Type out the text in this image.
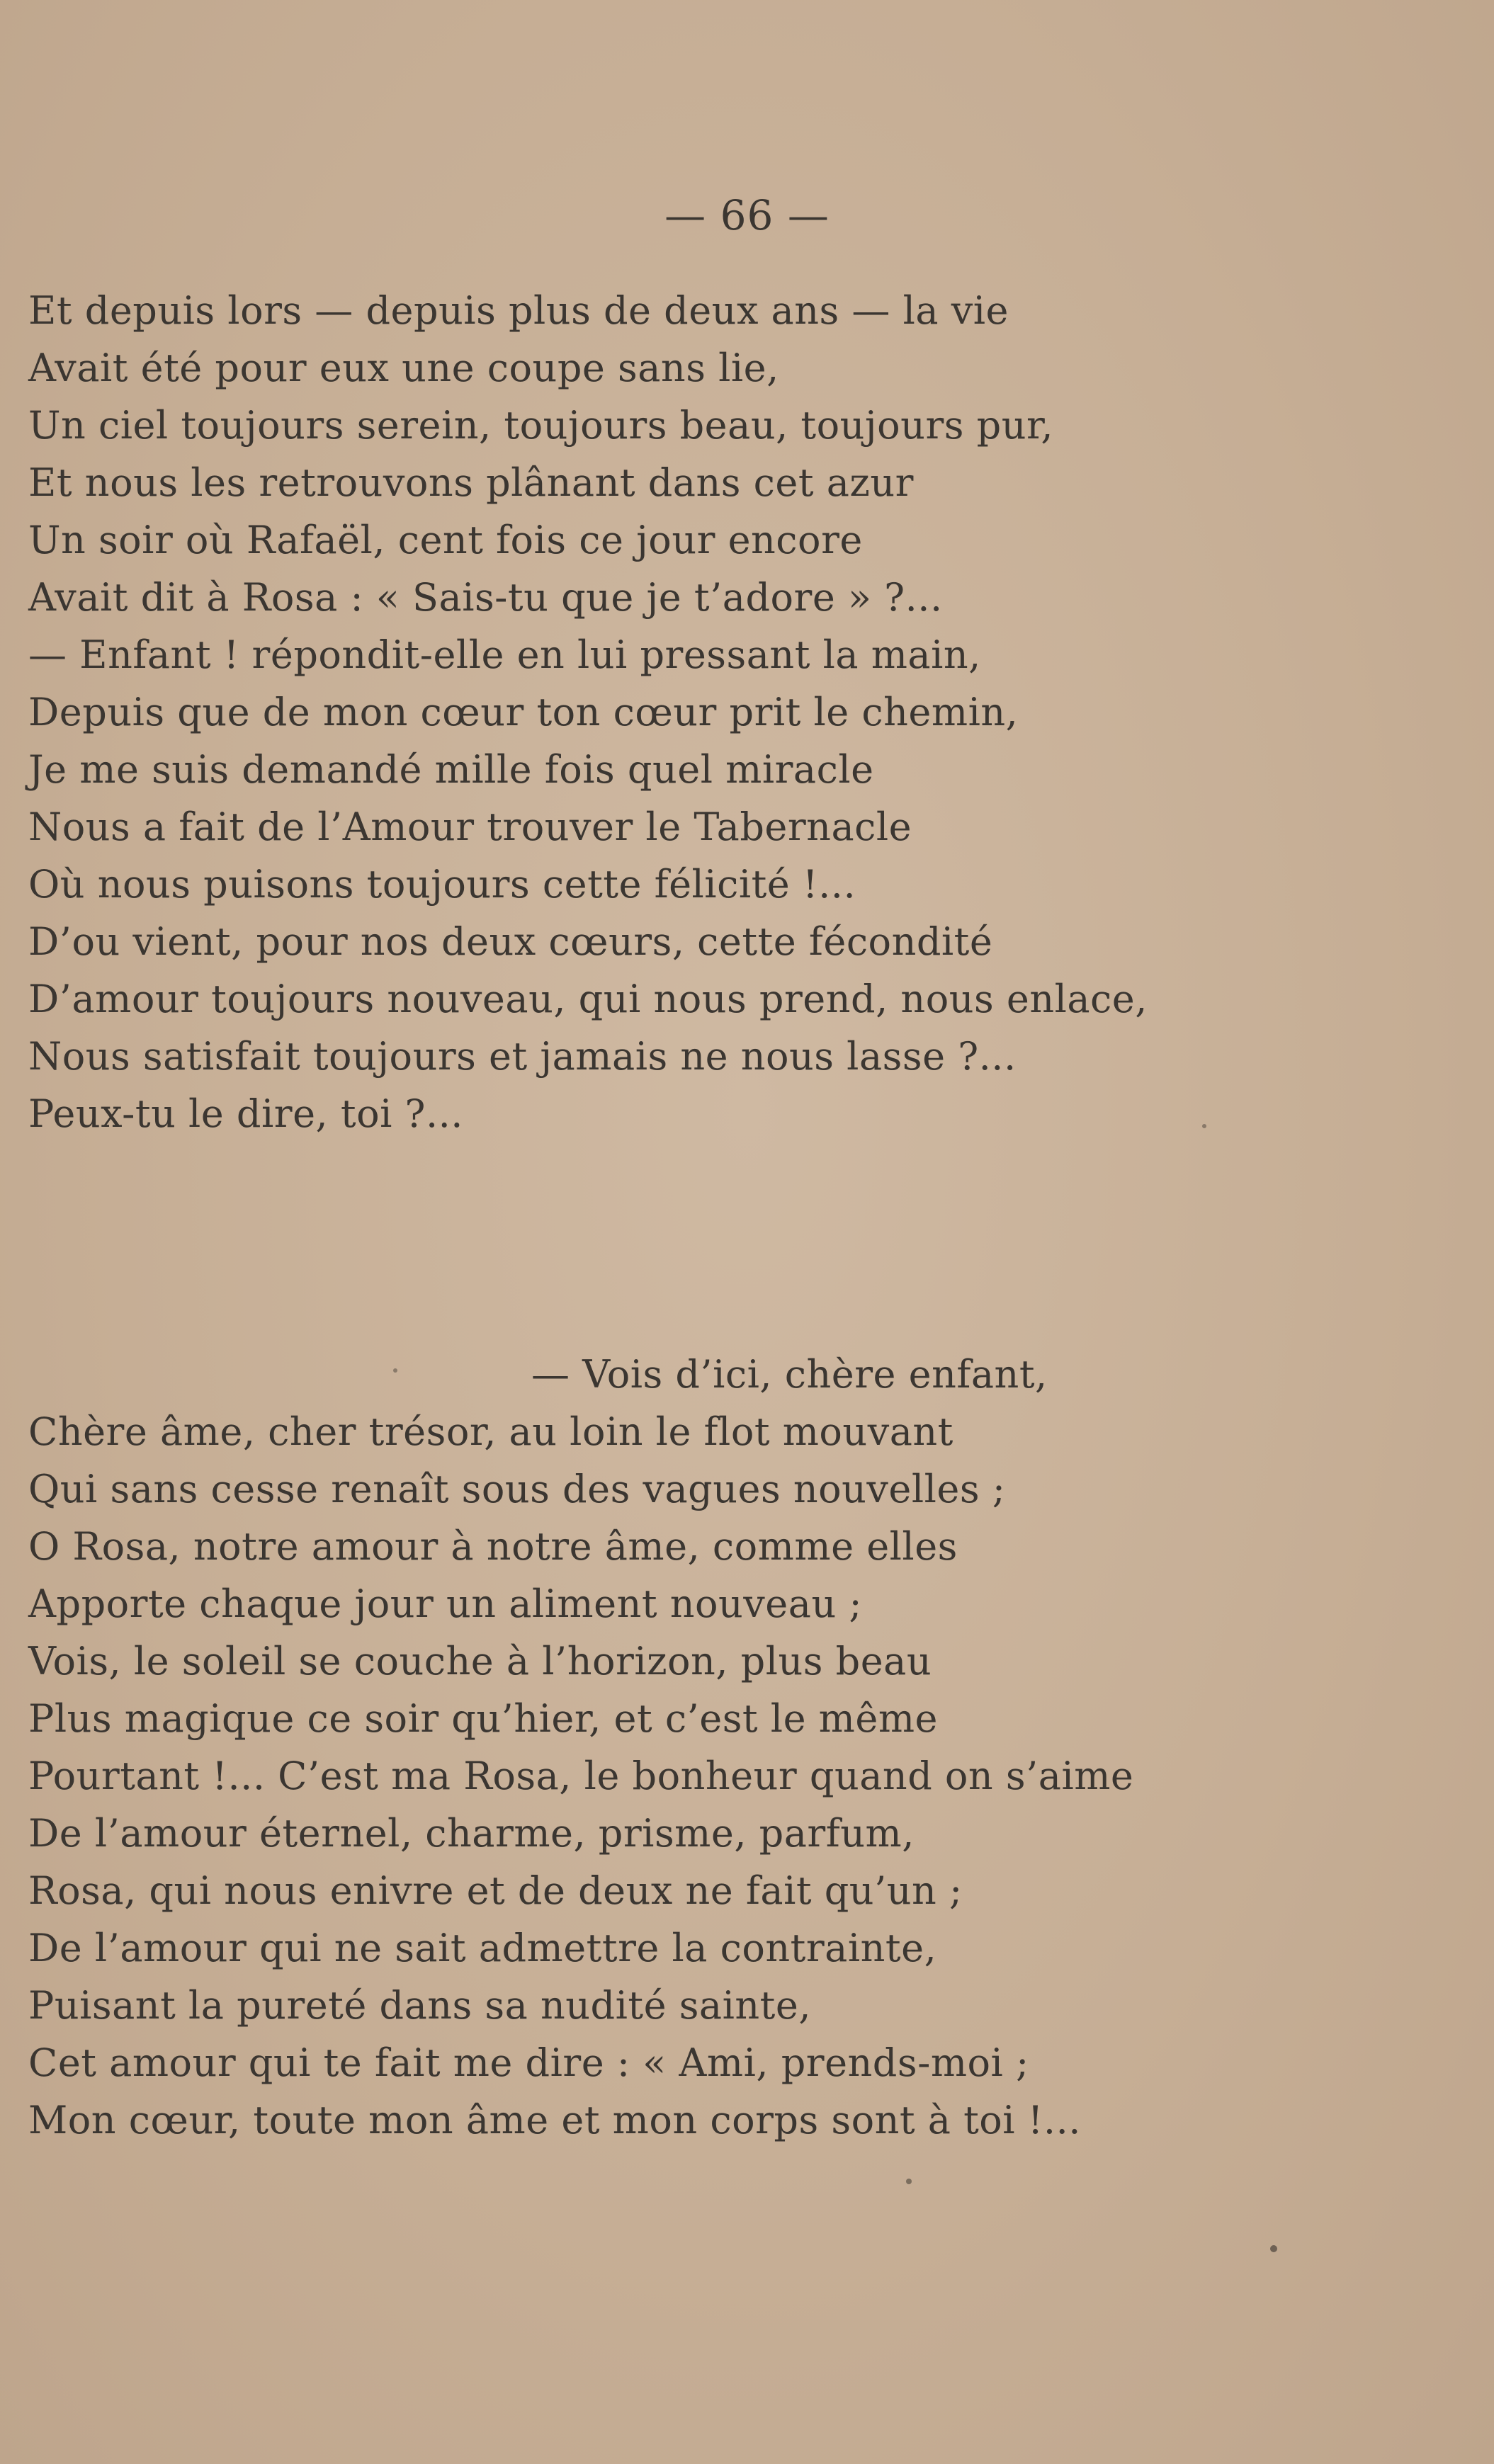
— 66 —
Et depuis lors — depuis plus de deux ans — la vie
Avait été pour eux une coupe sans lie,
Un ciel toujours serein, toujours beau, toujours pur,
Et nous les retrouvons plânant dans cet azur
Un soir où Rafaël, cent fois ce jour encore
Avait dit à Rosa : « Sais-tu que je t’adore » ?...
— Enfant ! répondit-elle en lui pressant la main,
Depuis que de mon cœur ton cœur prit le chemin,
Je me suis demandé mille fois quel miracle
Nous a fait de l’Amour trouver le Tabernacle
Où nous puisons toujours cette félicité !...
D’ou vient, pour nos deux cœurs, cette fécondité
D’amour toujours nouveau, qui nous prend, nous enlace,
Nous satisfait toujours et jamais ne nous lasse ?...
Peux-tu le dire, toi ?...
— Vois d’ici, chère enfant,
Chère âme, cher trésor, au loin le flot mouvant
Qui sans cesse renaît sous des vagues nouvelles ;
O Rosa, notre amour à notre âme, comme elles
Apporte chaque jour un aliment nouveau ;
Vois, le soleil se couche à l’horizon, plus beau
Plus magique ce soir qu’hier, et c’est le même
Pourtant !... C’est ma Rosa, le bonheur quand on s’aime
De l’amour éternel, charme, prisme, parfum,
Rosa, qui nous enivre et de deux ne fait qu’un ;
De l’amour qui ne sait admettre la contrainte,
Puisant la pureté dans sa nudité sainte,
Cet amour qui te fait me dire : « Ami, prends-moi ;
Mon cœur, toute mon âme et mon corps sont à toi !...
